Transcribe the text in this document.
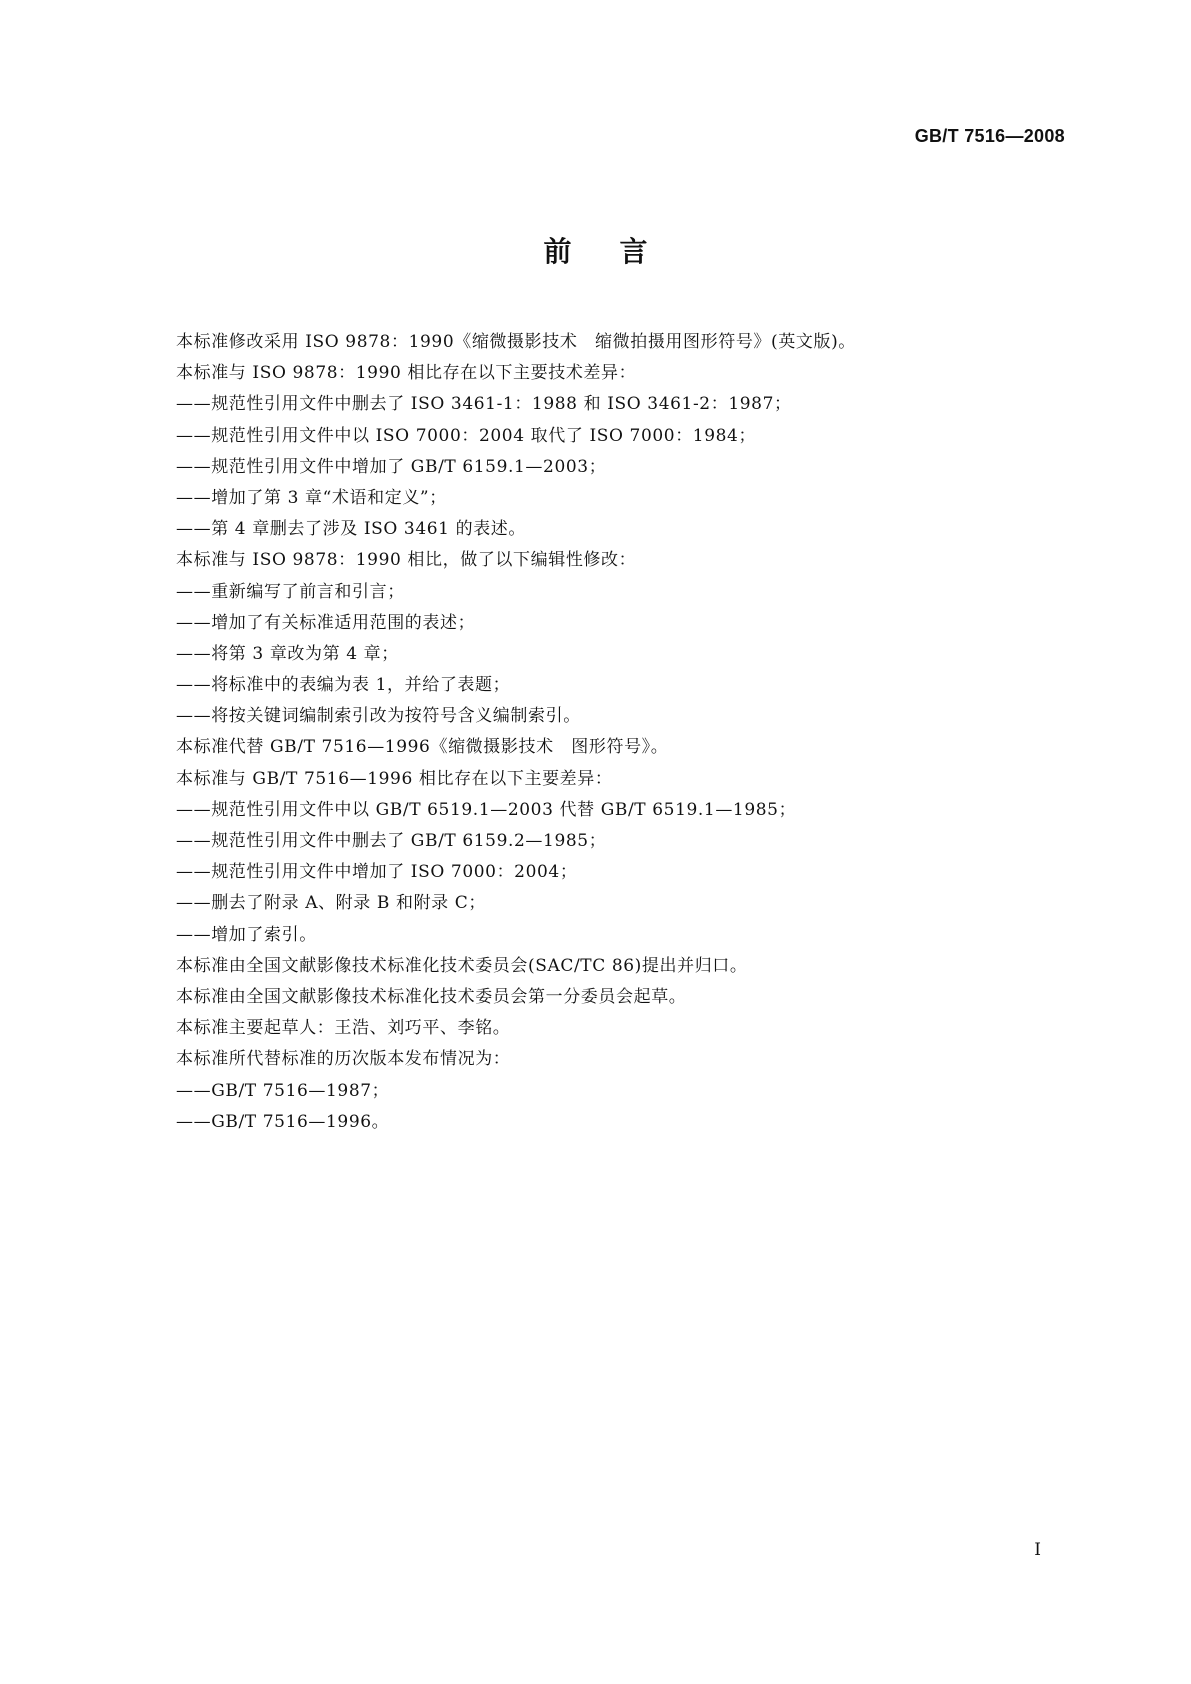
GB/T 7516—2008
前言
本标准修改采用 ISO 9878：1990《缩微摄影技术　缩微拍摄用图形符号》(英文版)。
本标准与 ISO 9878：1990 相比存在以下主要技术差异：
——规范性引用文件中删去了 ISO 3461-1：1988 和 ISO 3461-2：1987；
——规范性引用文件中以 ISO 7000：2004 取代了 ISO 7000：1984；
——规范性引用文件中增加了 GB/T 6159.1—2003；
——增加了第 3 章“术语和定义”；
——第 4 章删去了涉及 ISO 3461 的表述。
本标准与 ISO 9878：1990 相比，做了以下编辑性修改：
——重新编写了前言和引言；
——增加了有关标准适用范围的表述；
——将第 3 章改为第 4 章；
——将标准中的表编为表 1，并给了表题；
——将按关键词编制索引改为按符号含义编制索引。
本标准代替 GB/T 7516—1996《缩微摄影技术　图形符号》。
本标准与 GB/T 7516—1996 相比存在以下主要差异：
——规范性引用文件中以 GB/T 6519.1—2003 代替 GB/T 6519.1—1985；
——规范性引用文件中删去了 GB/T 6159.2—1985；
——规范性引用文件中增加了 ISO 7000：2004；
——删去了附录 A、附录 B 和附录 C；
——增加了索引。
本标准由全国文献影像技术标准化技术委员会(SAC/TC 86)提出并归口。
本标准由全国文献影像技术标准化技术委员会第一分委员会起草。
本标准主要起草人：王浩、刘巧平、李铭。
本标准所代替标准的历次版本发布情况为：
——GB/T 7516—1987；
——GB/T 7516—1996。
I
